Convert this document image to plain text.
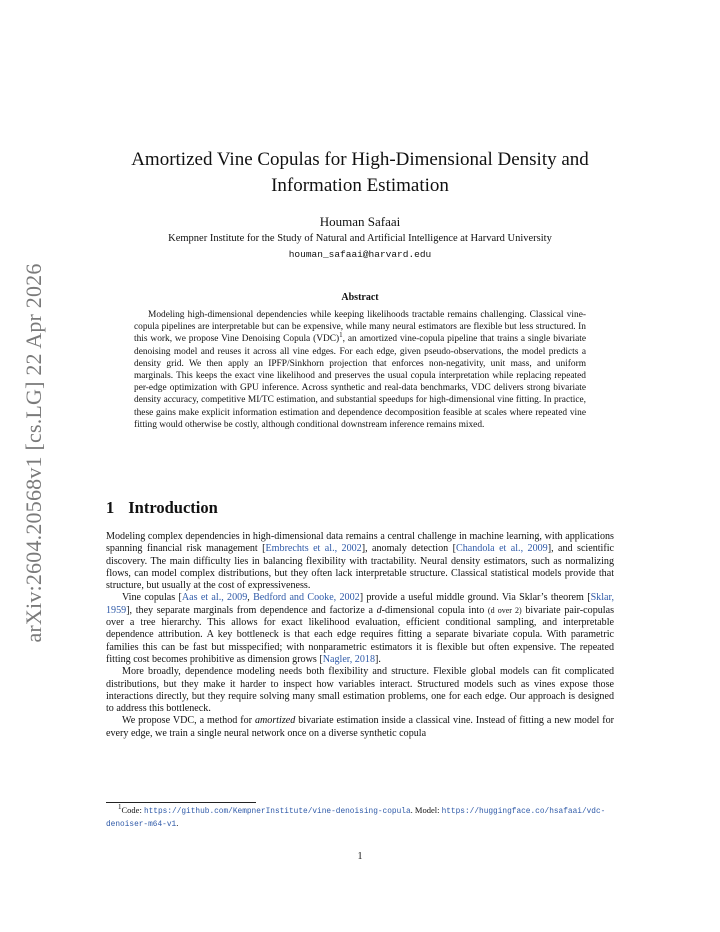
arXiv:2604.20568v1 [cs.LG] 22 Apr 2026
Amortized Vine Copulas for High-Dimensional Density and
Information Estimation
Houman Safaai
Kempner Institute for the Study of Natural and Artificial Intelligence at Harvard University
houman_safaai@harvard.edu
Abstract
Modeling high-dimensional dependencies while keeping likelihoods tractable remains challenging. Classical vine-copula pipelines are interpretable but can be expensive, while many neural estimators are flexible but less structured. In this work, we propose Vine Denoising Copula (VDC)$^1$, an amortized vine-copula pipeline that trains a single bivariate denoising model and reuses it across all vine edges. For each edge, given pseudo-observations, the model predicts a density grid. We then apply an IPFP/Sinkhorn projection that enforces non-negativity, unit mass, and uniform marginals. This keeps the exact vine likelihood and preserves the usual copula interpretation while replacing repeated per-edge optimization with GPU inference. Across synthetic and real-data benchmarks, VDC delivers strong bivariate density accuracy, competitive MI/TC estimation, and substantial speedups for high-dimensional vine fitting. In practice, these gains make explicit information estimation and dependence decomposition feasible at scales where repeated vine fitting would otherwise be costly, although conditional downstream inference remains mixed.
1 Introduction

Modeling complex dependencies in high-dimensional data remains a central challenge in machine learning, with applications spanning financial risk management [Embrechts et al., 2002], anomaly detection [Chandola et al., 2009], and scientific discovery. The main difficulty lies in balancing flexibility with tractability. Neural density estimators, such as normalizing flows, can model complex distributions, but they often lack interpretable structure. Classical statistical models provide that structure, but usually at the cost of expressiveness.

Vine copulas [Aas et al., 2009, Bedford and Cooke, 2002] provide a useful middle ground. Via Sklar’s theorem [Sklar, 1959], they separate marginals from dependence and factorize a d-dimensional copula into (d over 2) bivariate pair-copulas over a tree hierarchy. This allows for exact likelihood evaluation, efficient conditional sampling, and interpretable dependence attribution. A key bottleneck is that each edge requires fitting a separate bivariate copula. With parametric families this can be fast but misspecified; with nonparametric estimators it is flexible but often expensive. The repeated fitting cost becomes prohibitive as dimension grows [Nagler, 2018].

More broadly, dependence modeling needs both flexibility and structure. Flexible global models can fit complicated distributions, but they make it harder to inspect how variables interact. Structured models such as vines expose those interactions directly, but they require solving many small estimation problems, one for each edge. Our approach is designed to address this bottleneck.

We propose VDC, a method for amortized bivariate estimation inside a classical vine. Instead of fitting a new model for every edge, we train a single neural network once on a diverse synthetic copula

$^1$Code: https://github.com/KempnerInstitute/vine-denoising-copula. Model: https://huggingface.co/hsafaai/vdc-denoiser-m64-v1.
1
